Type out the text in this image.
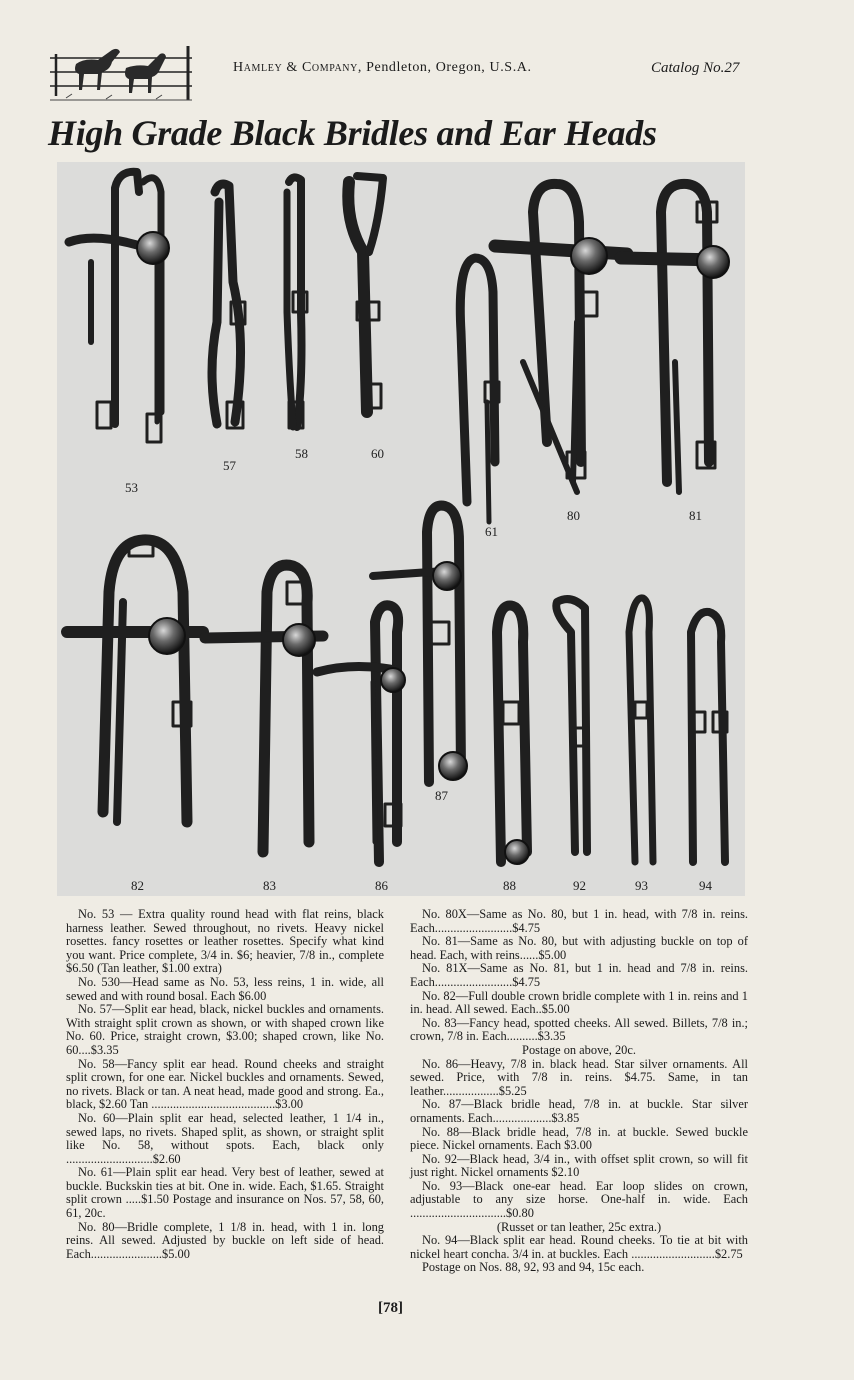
Hamley & Company, Pendleton, Oregon, U.S.A.	Catalog No.27
High Grade Black Bridles and Ear Heads
53
57
58	60
61
80	81
82	83	86
87
88	92	93	94

No. 53 — Extra quality round head with flat reins, black harness leather. Sewed throughout, no rivets. Heavy nickel rosettes. fancy rosettes or leather rosettes. Specify what kind you want. Price complete, 3/4 in. $6; heavier, 7/8 in., complete $6.50 (Tan leather, $1.00 extra)

No. 530—Head same as No. 53, less reins, 1 in. wide, all sewed and with round bosal. Each $6.00

No. 57—Split ear head, black, nickel buckles and ornaments. With straight split crown as shown, or with shaped crown like No. 60. Price, straight crown, $3.00; shaped crown, like No. 60....$3.35

No. 58—Fancy split ear head. Round cheeks and straight split crown, for one ear. Nickel buckles and ornaments. Sewed, no rivets. Black or tan. A neat head, made good and strong. Ea., black, $2.60 Tan ........................................$3.00

No. 60—Plain split ear head, selected leather, 1 1/4 in., sewed laps, no rivets. Shaped split, as shown, or straight split like No. 58, without spots. Each, black only ............................$2.60

No. 61—Plain split ear head. Very best of leather, sewed at buckle. Buckskin ties at bit. One in. wide. Each, $1.65. Straight split crown .....$1.50 Postage and insurance on Nos. 57, 58, 60, 61, 20c.

No. 80—Bridle complete, 1 1/8 in. head, with 1 in. long reins. All sewed. Adjusted by buckle on left side of head. Each.......................$5.00

No. 80X—Same as No. 80, but 1 in. head, with 7/8 in. reins. Each.........................$4.75

No. 81—Same as No. 80, but with adjusting buckle on top of head. Each, with reins......$5.00

No. 81X—Same as No. 81, but 1 in. head and 7/8 in. reins. Each.........................$4.75

No. 82—Full double crown bridle complete with 1 in. reins and 1 in. head. All sewed. Each..$5.00

No. 83—Fancy head, spotted cheeks. All sewed. Billets, 7/8 in.; crown, 7/8 in. Each..........$3.35

Postage on above, 20c.

No. 86—Heavy, 7/8 in. black head. Star silver ornaments. All sewed. Price, with 7/8 in. reins. $4.75. Same, in tan leather..................$5.25

No. 87—Black bridle head, 7/8 in. at buckle. Star silver ornaments. Each...................$3.85

No. 88—Black bridle head, 7/8 in. at buckle. Sewed buckle piece. Nickel ornaments. Each $3.00

No. 92—Black head, 3/4 in., with offset split crown, so will fit just right. Nickel ornaments $2.10

No. 93—Black one-ear head. Ear loop slides on crown, adjustable to any size horse. One-half in. wide. Each ...............................$0.80

(Russet or tan leather, 25c extra.)

No. 94—Black split ear head. Round cheeks. To tie at bit with nickel heart concha. 3/4 in. at buckles. Each ...........................$2.75

Postage on Nos. 88, 92, 93 and 94, 15c each.

[78]
